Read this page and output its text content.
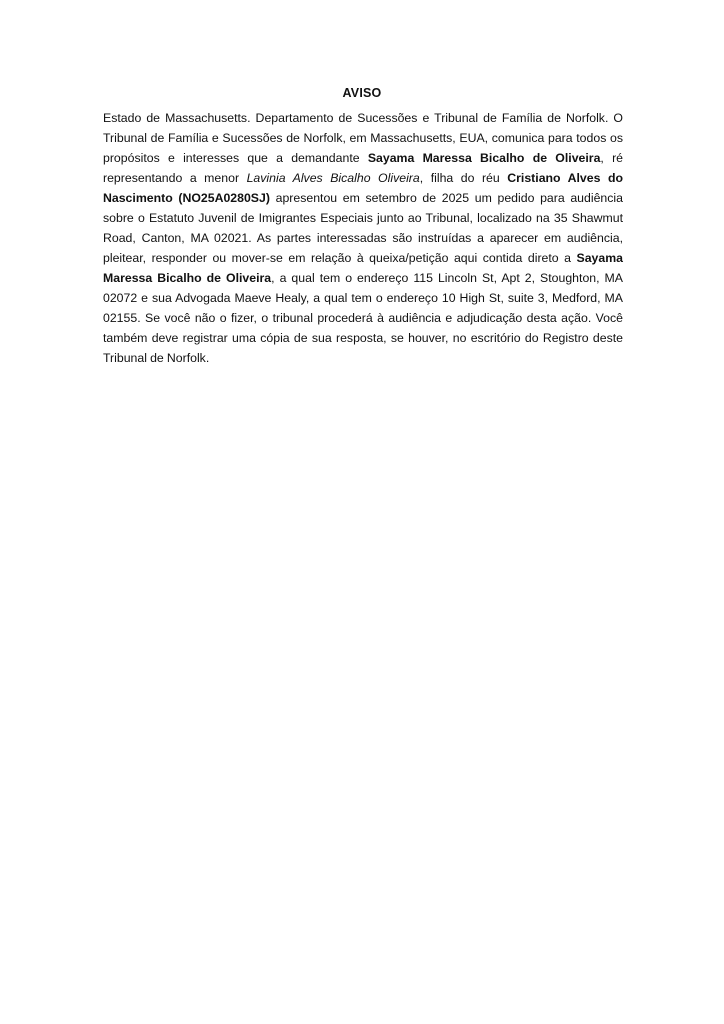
AVISO

Estado de Massachusetts. Departamento de Sucessões e Tribunal de Família de Norfolk. O Tribunal de Família e Sucessões de Norfolk, em Massachusetts, EUA, comunica para todos os propósitos e interesses que a demandante Sayama Maressa Bicalho de Oliveira, ré representando a menor Lavinia Alves Bicalho Oliveira, filha do réu Cristiano Alves do Nascimento (NO25A0280SJ) apresentou em setembro de 2025 um pedido para audiência sobre o Estatuto Juvenil de Imigrantes Especiais junto ao Tribunal, localizado na 35 Shawmut Road, Canton, MA 02021. As partes interessadas são instruídas a aparecer em audiência, pleitear, responder ou mover-se em relação à queixa/petição aqui contida direto a Sayama Maressa Bicalho de Oliveira, a qual tem o endereço 115 Lincoln St, Apt 2, Stoughton, MA 02072 e sua Advogada Maeve Healy, a qual tem o endereço 10 High St, suite 3, Medford, MA 02155. Se você não o fizer, o tribunal procederá à audiência e adjudicação desta ação. Você também deve registrar uma cópia de sua resposta, se houver, no escritório do Registro deste Tribunal de Norfolk.
